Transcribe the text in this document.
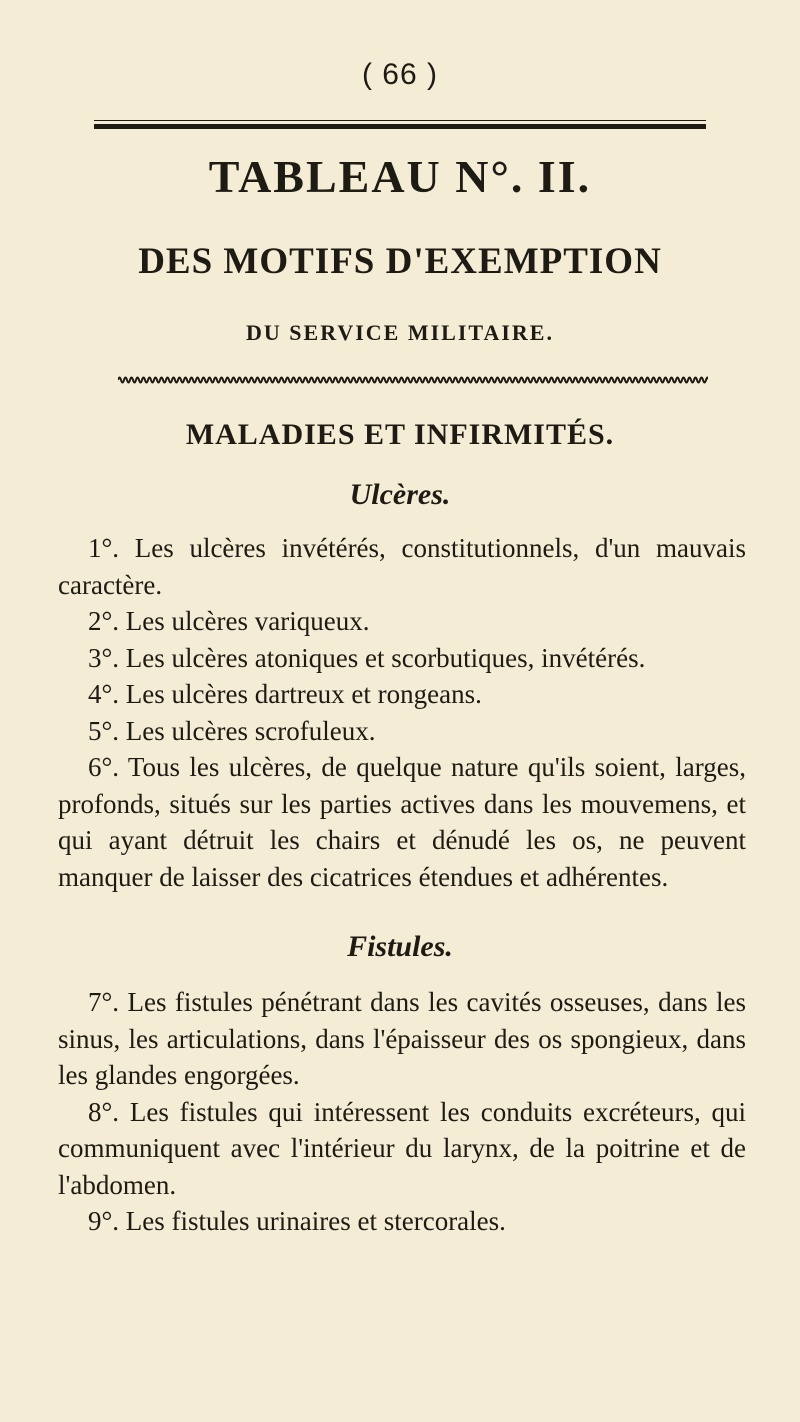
( 66 )
TABLEAU N°. II.
DES MOTIFS D'EXEMPTION
DU SERVICE MILITAIRE.
MALADIES ET INFIRMITÉS.
Ulcères.

1°. Les ulcères invétérés, constitutionnels, d'un mauvais caractère.

2°. Les ulcères variqueux.

3°. Les ulcères atoniques et scorbutiques, invétérés.

4°. Les ulcères dartreux et rongeans.

5°. Les ulcères scrofuleux.

6°. Tous les ulcères, de quelque nature qu'ils soient, larges, profonds, situés sur les parties actives dans les mouvemens, et qui ayant détruit les chairs et dénudé les os, ne peuvent manquer de laisser des cicatrices étendues et adhérentes.

Fistules.

7°. Les fistules pénétrant dans les cavités osseuses, dans les sinus, les articulations, dans l'épaisseur des os spongieux, dans les glandes engorgées.

8°. Les fistules qui intéressent les conduits excréteurs, qui communiquent avec l'intérieur du larynx, de la poitrine et de l'abdomen.

9°. Les fistules urinaires et stercorales.
